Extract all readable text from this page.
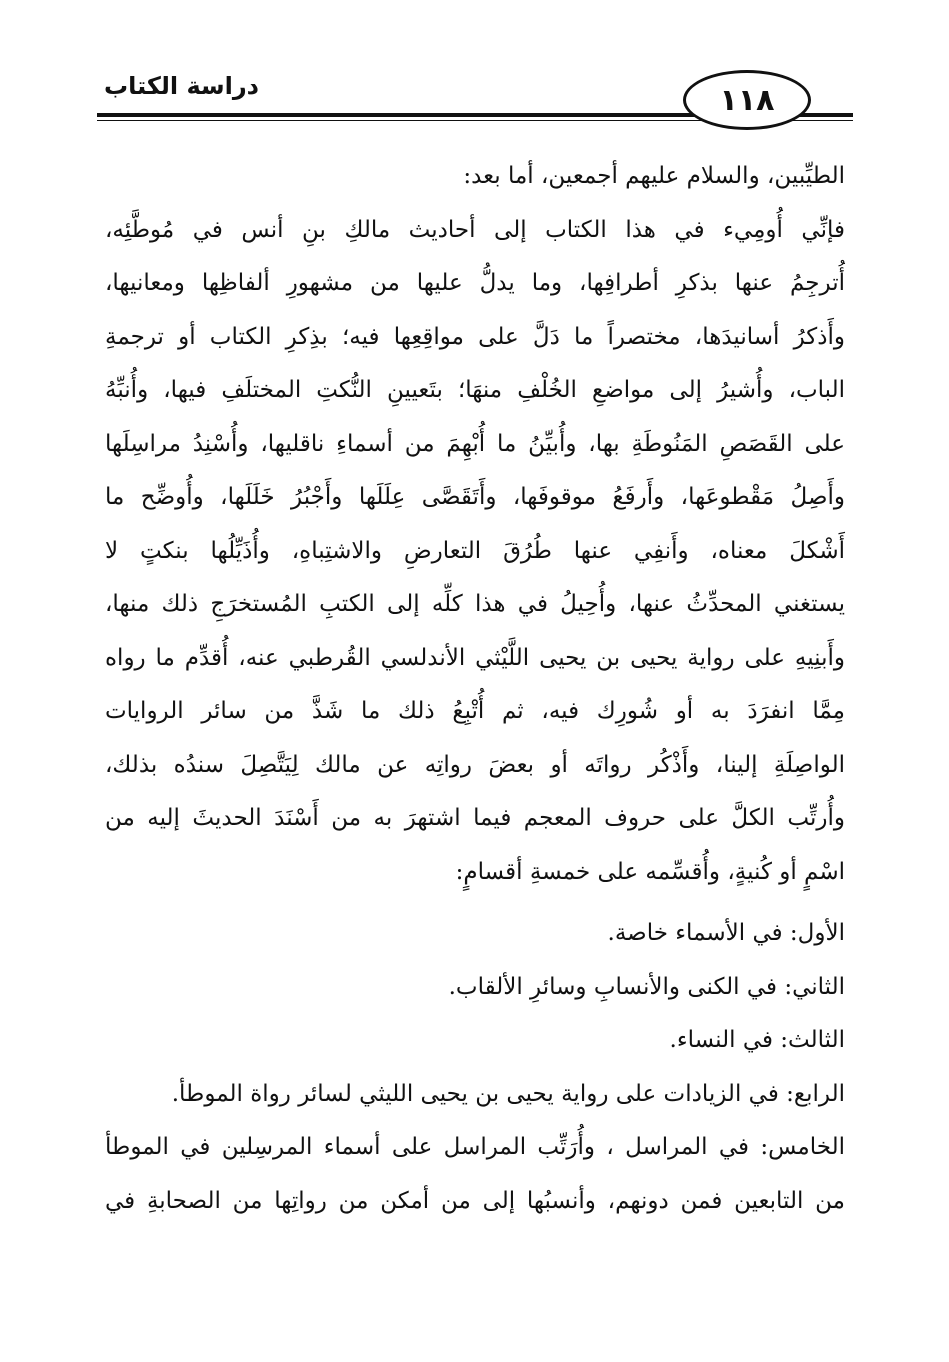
دراسة الكتاب	١١٨
الطيِّبين، والسلام عليهم أجمعين، أما بعد:
فإنِّي أُومِيء في هذا الكتاب إلى أحاديث مالكِ بنِ أنس في مُوطَّئِه،
أُترجِمُ عنها بذكرِ أطرافِها، وما يدلُّ عليها من مشهورِ ألفاظِها ومعانيها،
وأَذكرُ أسانيدَها، مختصراً ما دَلَّ على مواقِعِها فيه؛ بذِكرِ الكتاب أو ترجمةِ
الباب، وأُشيرُ إلى مواضعِ الخُلْفِ منهَا؛ بتَعيينِ النُّكتِ المختلَفِ فيها، وأُنبِّهُ
على القَصَصِ المَنُوطَةِ بها، وأُبيِّنُ ما أُبْهِمَ من أسماءِ ناقليها، وأُسْنِدُ مراسِلَها
وأَصِلُ مَقْطوعَها، وأَرفَعُ موقوفَها، وأَتَقَصَّى عِلَلَها وأَجْبُرُ خَلَلَها، وأُوضِّح ما
أَشْكلَ معناه، وأَنفِي عنها طُرُقَ التعارضِ والاشتِباهِ، وأُذَيِّلُها بنكتٍ لا
يستغني المحدِّثُ عنها، وأُحِيلُ في هذا كلِّه إلى الكتبِ المُستخرَجِ ذلك منها،
وأَبنِيهِ على رواية يحيى بن يحيى اللَّيْثي الأندلسي القُرطبي عنه، أُقدِّم ما رواه
مِمَّا انفرَدَ به أو شُورِك فيه، ثم أُتْبِعُ ذلك ما شَذَّ من سائر الروايات
الواصِلَةِ إلينا، وأَذْكُر رواتَه أو بعضَ رواتِه عن مالك لِيَتَّصِلَ سندُه بذلك،
وأُرتِّب الكلَّ على حروف المعجم فيما اشتهرَ به من أَسْنَدَ الحديثَ إليه من
اسْمٍ أو كُنيةٍ، وأُقسِّمه على خمسةِ أقسامٍ:
الأول: في الأسماء خاصة.
الثاني: في الكنى والأنسابِ وسائرِ الألقاب.
الثالث: في النساء.
الرابع: في الزيادات على رواية يحيى بن يحيى الليثي لسائر رواة الموطأ.
الخامس: في المراسل ، وأُرَتِّب المراسل على أسماء المرسِلين في الموطأ
من التابعين فمن دونهم، وأنسبُها إلى من أمكن من رواتِها من الصحابةِ في
